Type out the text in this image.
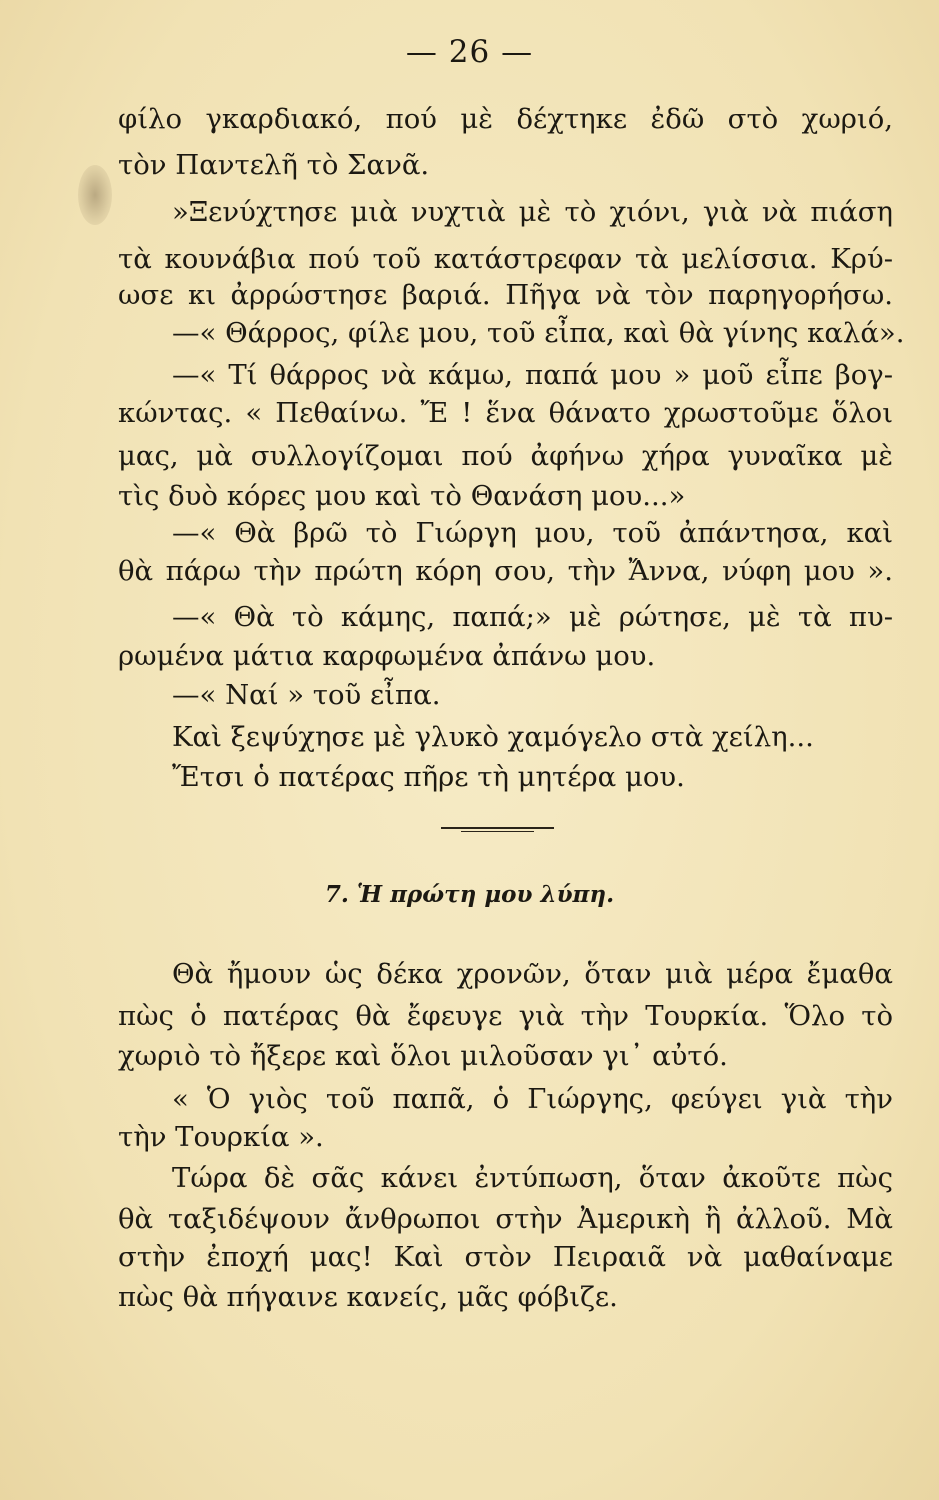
— 26 —
φίλο γκαρδιακό, πού μὲ δέχτηκε ἐδῶ στὸ χωριό,
τὸν Παντελῆ τὸ Σανᾶ.
»Ξενύχτησε μιὰ νυχτιὰ μὲ τὸ χιόνι, γιὰ νὰ πιάση
τὰ κουνάβια πού τοῦ κατάστρεφαν τὰ μελίσσια. Κρύ-
ωσε κι ἀρρώστησε βαριά. Πῆγα νὰ τὸν παρηγορήσω.
—« Θάρρος, φίλε μου, τοῦ εἶπα, καὶ θὰ γίνης καλά».
—« Τί θάρρος νὰ κάμω, παπά μου » μοῦ εἶπε βογ-
κώντας. « Πεθαίνω. Ἔ ! ἕνα θάνατο χρωστοῦμε ὅλοι
μας, μὰ συλλογίζομαι πού ἀφήνω χήρα γυναῖκα μὲ
τὶς δυὸ κόρες μου καὶ τὸ Θανάση μου...»
—« Θὰ βρῶ τὸ Γιώργη μου, τοῦ ἀπάντησα, καὶ
θὰ πάρω τὴν πρώτη κόρη σου, τὴν Ἄννα, νύφη μου ».
—« Θὰ τὸ κάμης, παπά;» μὲ ρώτησε, μὲ τὰ πυ-
ρωμένα μάτια καρφωμένα ἀπάνω μου.
—« Ναί » τοῦ εἶπα.
Καὶ ξεψύχησε μὲ γλυκὸ χαμόγελο στὰ χείλη...
Ἔτσι ὁ πατέρας πῆρε τὴ μητέρα μου.
7. Ἡ πρώτη μου λύπη.
Θὰ ἤμουν ὡς δέκα χρονῶν, ὅταν μιὰ μέρα ἔμαθα
πὼς ὁ πατέρας θὰ ἔφευγε γιὰ τὴν Τουρκία. Ὅλο τὸ
χωριὸ τὸ ἤξερε καὶ ὅλοι μιλοῦσαν γι᾿ αὐτό.
« Ὁ γιὸς τοῦ παπᾶ, ὁ Γιώργης, φεύγει γιὰ τὴν
τὴν Τουρκία ».
Τώρα δὲ σᾶς κάνει ἐντύπωση, ὅταν ἀκοῦτε πὼς
θὰ ταξιδέψουν ἄνθρωποι στὴν Ἀμερικὴ ἢ ἀλλοῦ. Μὰ
στὴν ἐποχή μας! Καὶ στὸν Πειραιᾶ νὰ μαθαίναμε
πὼς θὰ πήγαινε κανείς, μᾶς φόβιζε.
